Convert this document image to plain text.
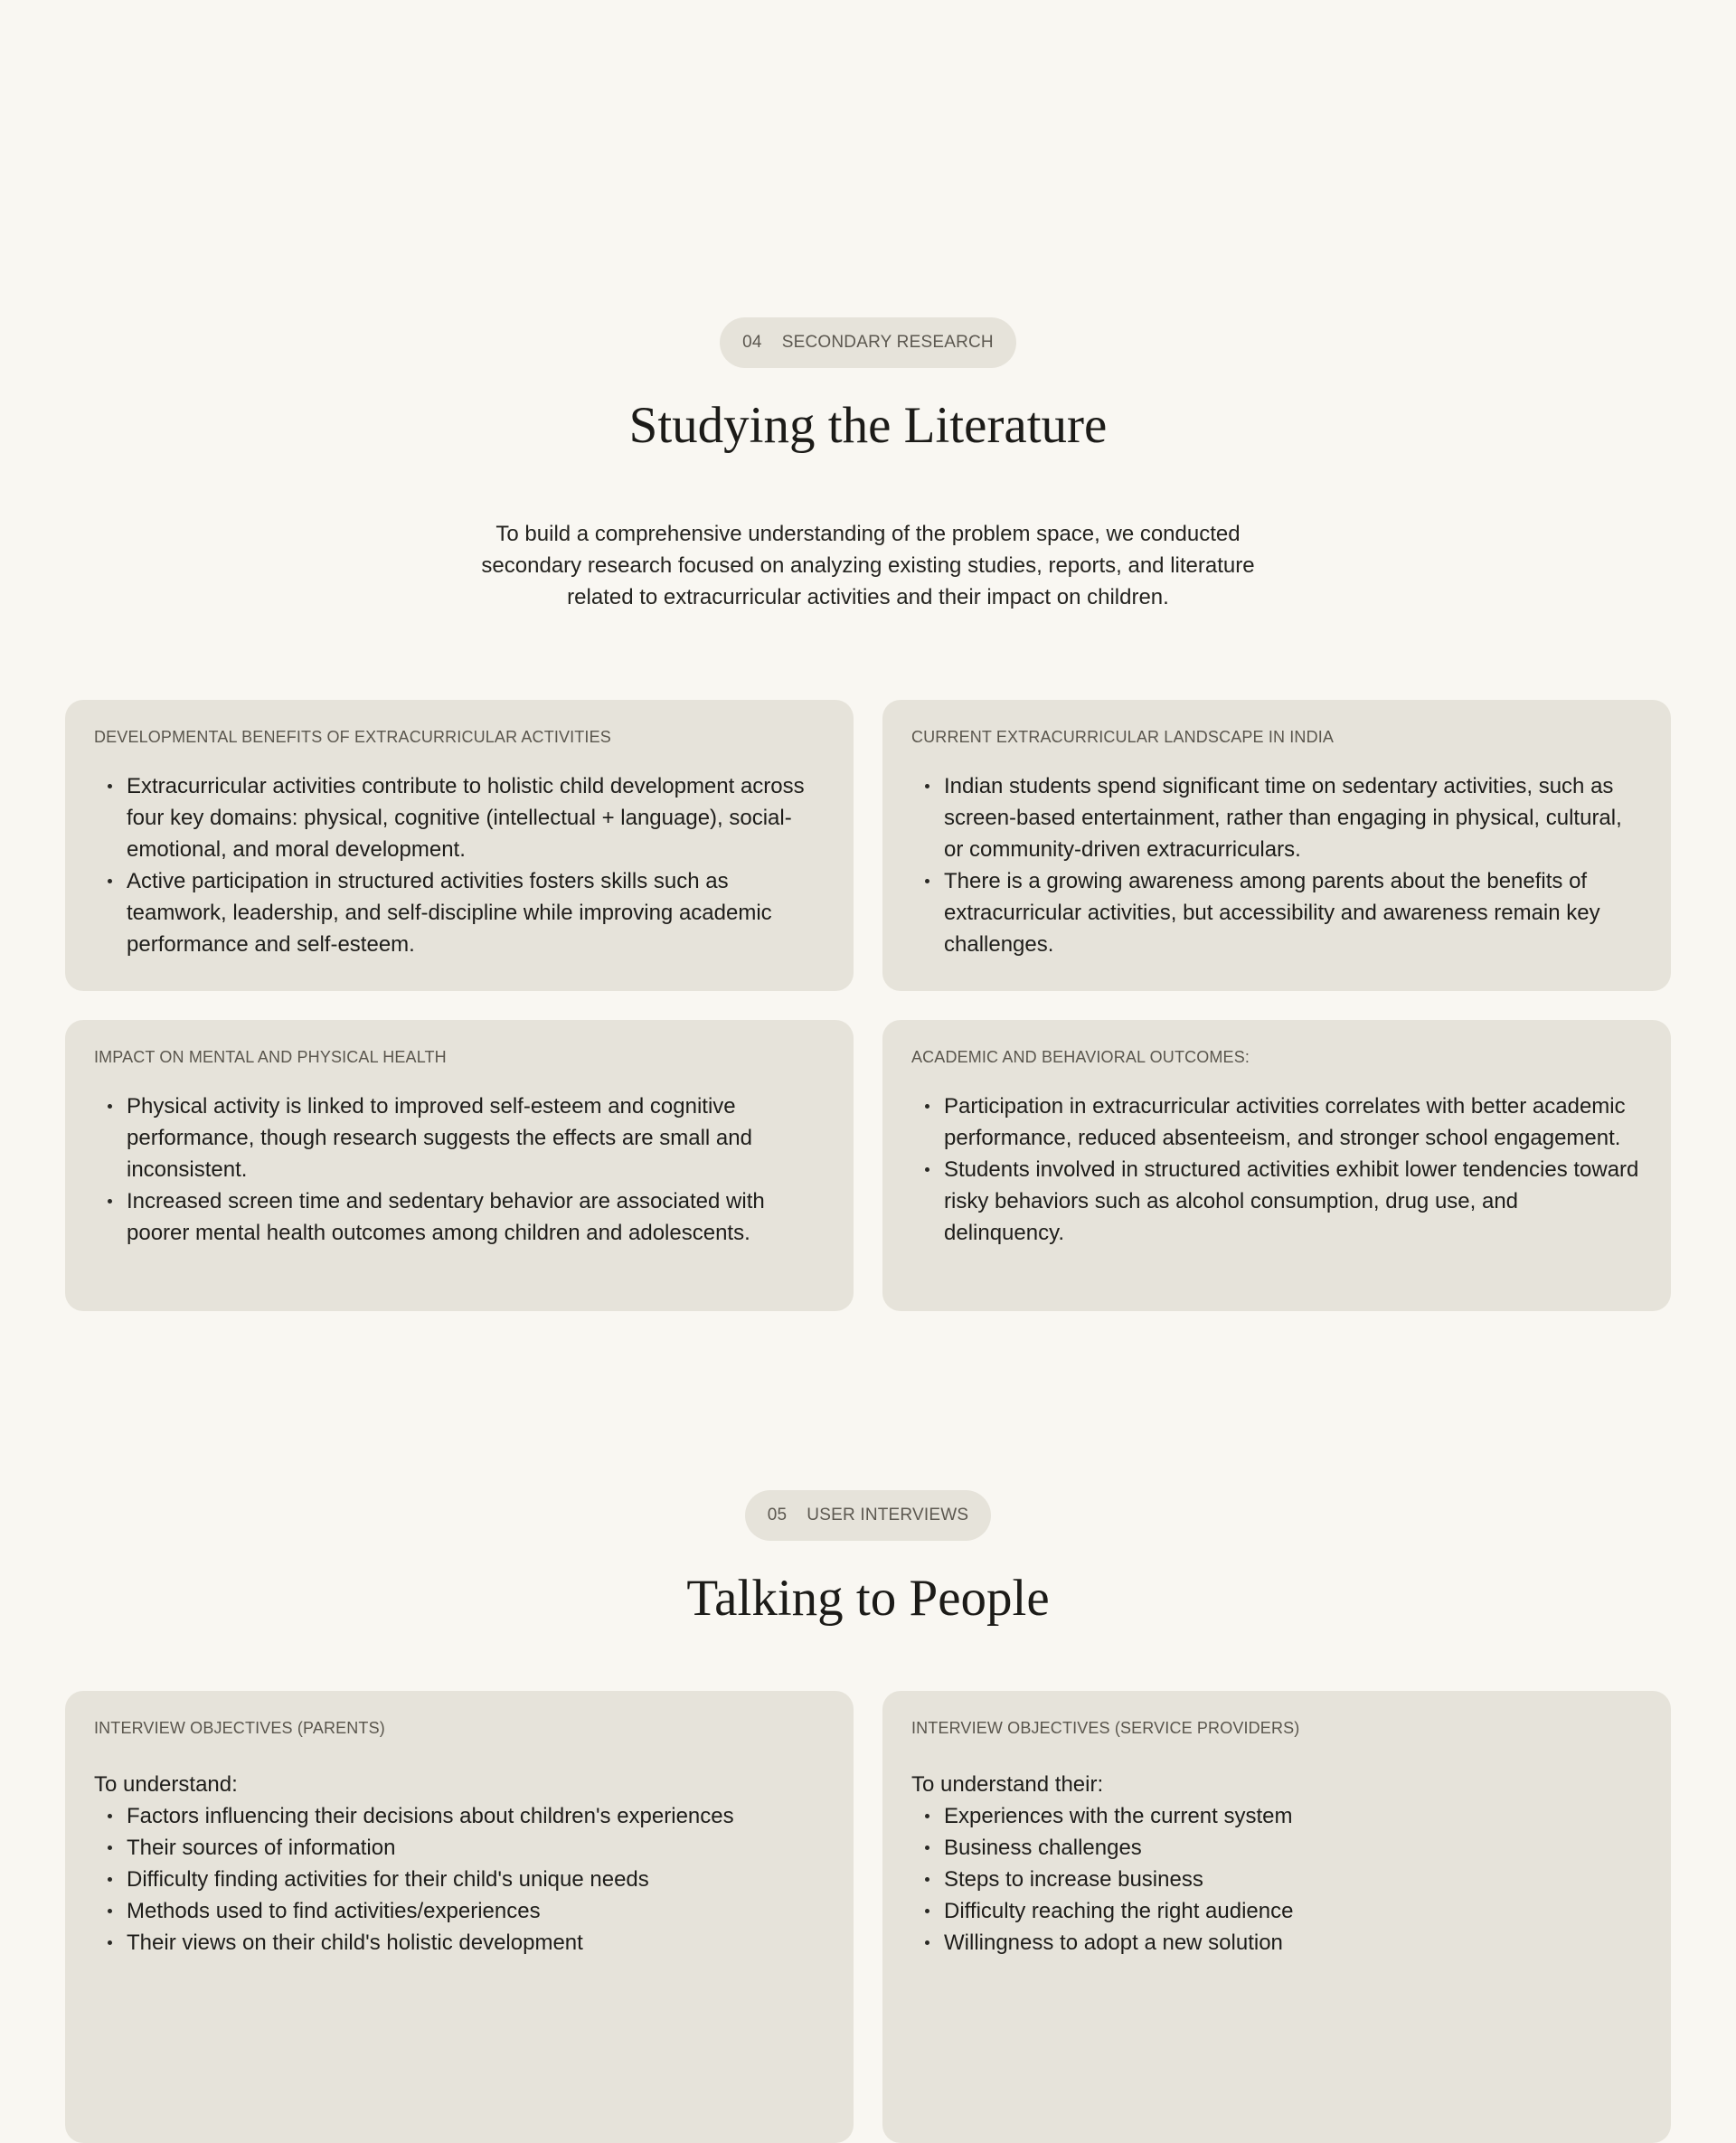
04 SECONDARY RESEARCH
Studying the Literature

To build a comprehensive understanding of the problem space, we conducted secondary research focused on analyzing existing studies, reports, and literature related to extracurricular activities and their impact on children.

DEVELOPMENTAL BENEFITS OF EXTRACURRICULAR ACTIVITIES
Extracurricular activities contribute to holistic child development across four key domains: physical, cognitive (intellectual + language), social-emotional, and moral development.
Active participation in structured activities fosters skills such as teamwork, leadership, and self-discipline while improving academic performance and self-esteem.
CURRENT EXTRACURRICULAR LANDSCAPE IN INDIA
Indian students spend significant time on sedentary activities, such as screen-based entertainment, rather than engaging in physical, cultural, or community-driven extracurriculars.
There is a growing awareness among parents about the benefits of extracurricular activities, but accessibility and awareness remain key challenges.
IMPACT ON MENTAL AND PHYSICAL HEALTH
Physical activity is linked to improved self-esteem and cognitive performance, though research suggests the effects are small and inconsistent.
Increased screen time and sedentary behavior are associated with poorer mental health outcomes among children and adolescents.
ACADEMIC AND BEHAVIORAL OUTCOMES:
Participation in extracurricular activities correlates with better academic performance, reduced absenteeism, and stronger school engagement.
Students involved in structured activities exhibit lower tendencies toward risky behaviors such as alcohol consumption, drug use, and delinquency.
05 USER INTERVIEWS
Talking to People
INTERVIEW OBJECTIVES (PARENTS)

To understand:

Factors influencing their decisions about children's experiences
Their sources of information
Difficulty finding activities for their child's unique needs
Methods used to find activities/experiences
Their views on their child's holistic development
INTERVIEW OBJECTIVES (SERVICE PROVIDERS)

To understand their:

Experiences with the current system
Business challenges
Steps to increase business
Difficulty reaching the right audience
Willingness to adopt a new solution
